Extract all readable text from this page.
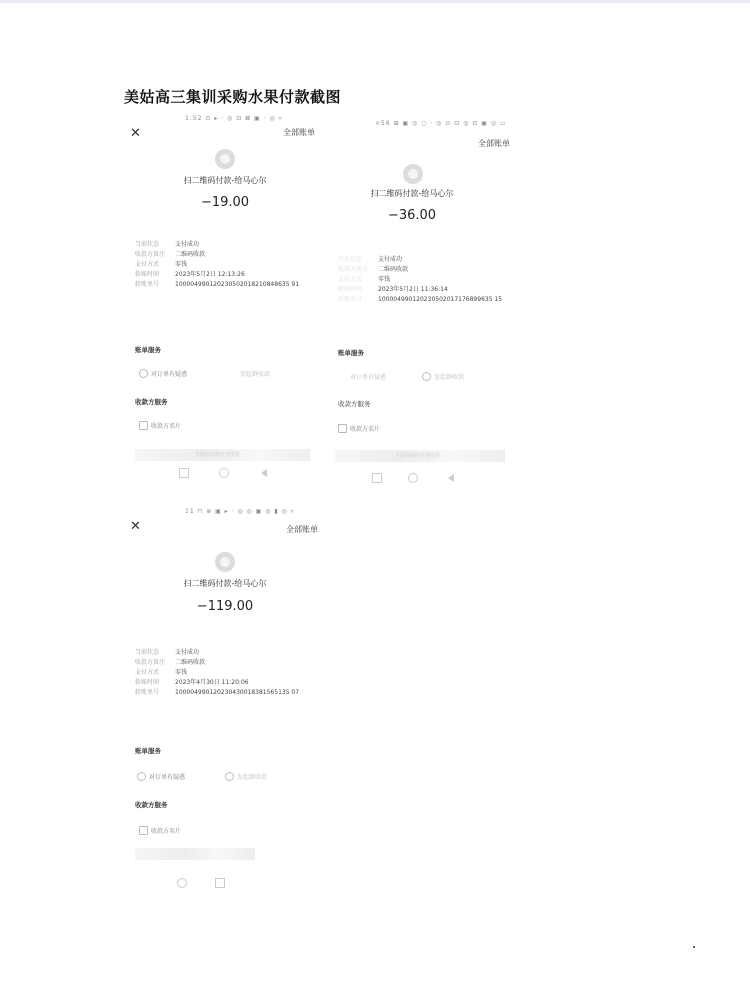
美姑高三集训采购水果付款截图
1:52 ⊙ ▸ · ◎ ⊡ ⊠ ▣ · ◎ ▿
✕	全部账单
扫二维码付款-给马心尔
−19.00
当前状态	支付成功
收款方备注	二维码收款
支付方式	零钱
转账时间	2023年5月2日 12:13:26
转账单号	100004990120230502018210848635 91
账单服务
对订单有疑惑	发起群收款
收款方服务
收款方名片
本服务由财付通提供
×56 ⊞ ▣ ◎ ○ · ◎ ⊙ ⊡ ◎ ⊡ ▣ ◎ ▭
全部账单
扫二维码付款-给马心尔
−36.00
当前状态	支付成功
收款方备注	二维码收款
支付方式	零钱
转账时间	2023年5月2日 11:36:14
转账单号	100004990120230502017176899635 15
账单服务
对订单有疑惑	发起群收款
收款方服务
收款方名片
本服务由财付通提供
11 ⊓ ⊕ ▣ ▸ · ◎ ◎ ▣ ◎ ▮ ◎ ▿
✕	全部账单
扫二维码付款-给马心尔
−119.00
当前状态	支付成功
收款方备注	二维码收款
支付方式	零钱
转账时间	2023年4月30日 11:20:06
转账单号	100004990120230430018381565135 07
账单服务
对订单有疑惑	发起群收款
收款方服务
收款方名片
